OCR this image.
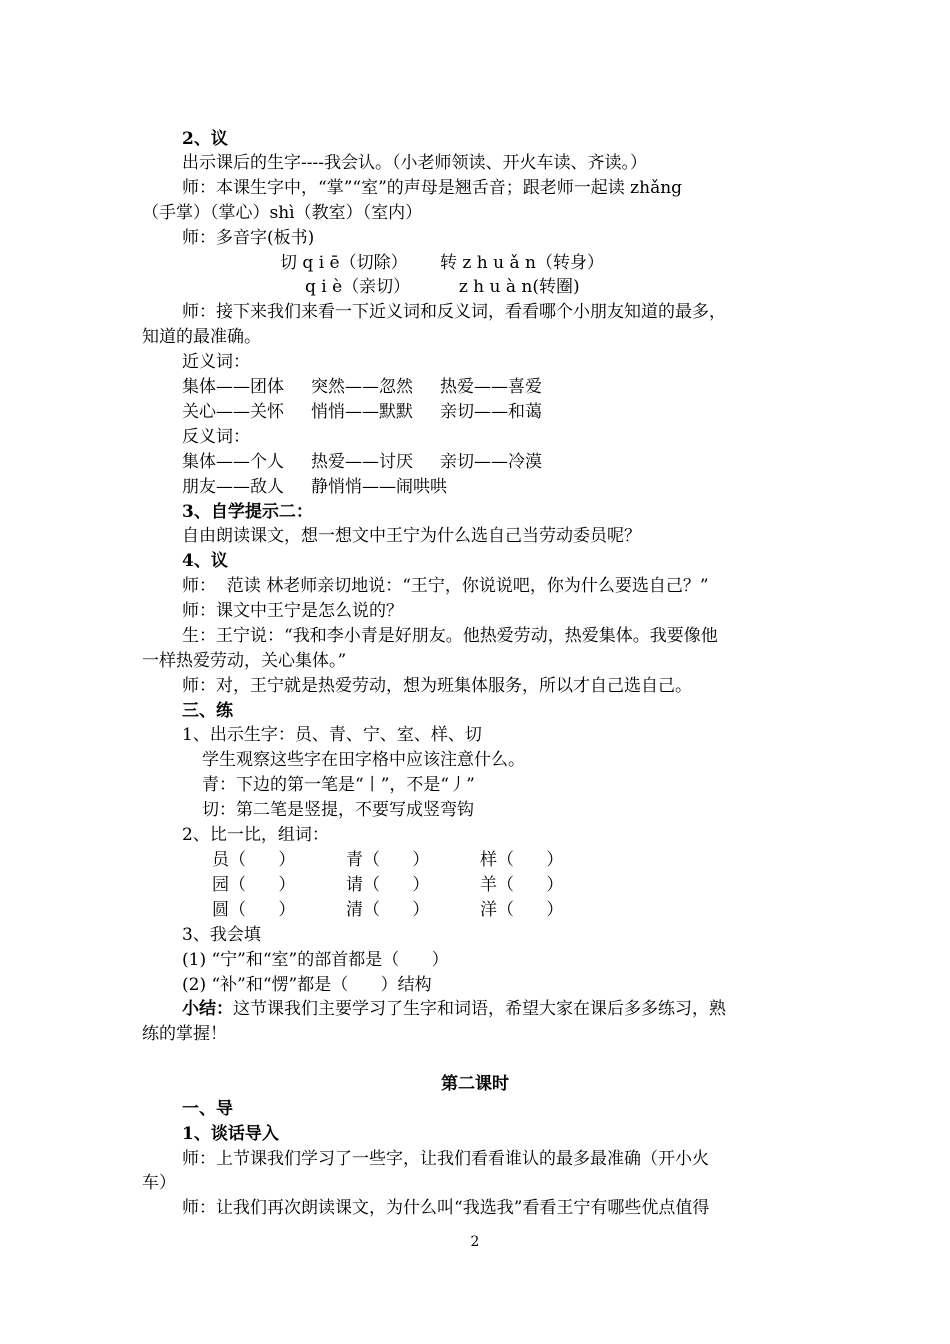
2、议
出示课后的生字----我会认。（小老师领读、开火车读、齐读。）
师：本课生字中，“掌”“室”的声母是翘舌音；跟老师一起读 zhǎng
（手掌）（掌心）shì（教室）（室内）
师：多音字(板书)
切 q i ē（切除）      转 z h u ǎ n（转身）
q i è（亲切）         z h u à n(转圈)
师：接下来我们来看一下近义词和反义词，看看哪个小朋友知道的最多，
知道的最准确。
近义词：
集体——团体     突然——忽然     热爱——喜爱
关心——关怀     悄悄——默默     亲切——和蔼
反义词：
集体——个人     热爱——讨厌     亲切——冷漠
朋友——敌人     静悄悄——闹哄哄
3、自学提示二：
自由朗读课文，想一想文中王宁为什么选自己当劳动委员呢？
4、议
师：  范读 林老师亲切地说：“王宁，你说说吧，你为什么要选自己？”
师：课文中王宁是怎么说的？
生：王宁说：“我和李小青是好朋友。他热爱劳动，热爱集体。我要像他
一样热爱劳动，关心集体。”
师：对，王宁就是热爱劳动，想为班集体服务，所以才自己选自己。
三、练
1、出示生字：员、青、宁、室、样、切
学生观察这些字在田字格中应该注意什么。
青：下边的第一笔是“丨”，不是“丿”
切：第二笔是竖提，不要写成竖弯钩
2、比一比，组词：
员（      ）	青（      ）	样（      ）
园（      ）	请（      ）	羊（      ）
圆（      ）	清（      ）	洋（      ）
3、我会填
(1) “宁”和“室”的部首都是（      ）
(2) “补”和“愣”都是（      ）结构
小结：这节课我们主要学习了生字和词语，希望大家在课后多多练习，熟
练的掌握！
第二课时
一、导
1、谈话导入
师：上节课我们学习了一些字，让我们看看谁认的最多最准确（开小火
车）
师：让我们再次朗读课文，为什么叫“我选我”看看王宁有哪些优点值得
2
